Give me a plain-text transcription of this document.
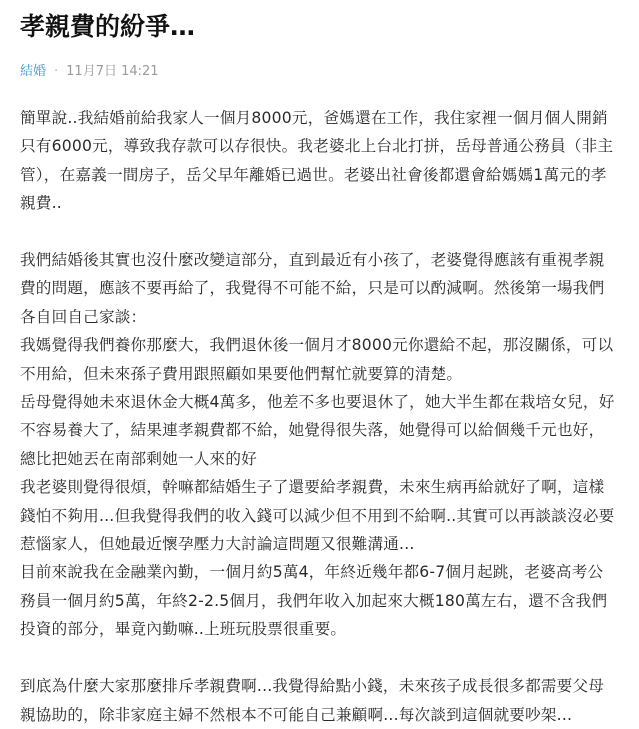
孝親費的紛爭…
結婚 · 11月7日 14:21

簡單說..我結婚前給我家人一個月8000元，爸媽還在工作，我住家裡一個月個人開銷只有6000元，導致我存款可以存很快。我老婆北上台北打拼，岳母普通公務員（非主管），在嘉義一間房子，岳父早年離婚已過世。老婆出社會後都還會給媽媽1萬元的孝親費..

我們結婚後其實也沒什麼改變這部分，直到最近有小孩了，老婆覺得應該有重視孝親費的問題，應該不要再給了，我覺得不可能不給，只是可以酌減啊。然後第一場我們各自回自己家談：

我媽覺得我們養你那麼大，我們退休後一個月才8000元你還給不起，那沒關係，可以不用給，但未來孫子費用跟照顧如果要他們幫忙就要算的清楚。

岳母覺得她未來退休金大概4萬多，他差不多也要退休了，她大半生都在栽培女兒，好不容易養大了，結果連孝親費都不給，她覺得很失落，她覺得可以給個幾千元也好，總比把她丟在南部剩她一人來的好

我老婆則覺得很煩，幹嘛都結婚生子了還要給孝親費，未來生病再給就好了啊，這樣錢怕不夠用...但我覺得我們的收入錢可以減少但不用到不給啊..其實可以再談談沒必要惹惱家人，但她最近懷孕壓力大討論這問題又很難溝通...

目前來說我在金融業內勤，一個月約5萬4，年終近幾年都6-7個月起跳，老婆高考公務員一個月約5萬，年終2-2.5個月，我們年收入加起來大概180萬左右，還不含我們投資的部分，畢竟內勤嘛..上班玩股票很重要。

到底為什麼大家那麼排斥孝親費啊...我覺得給點小錢，未來孩子成長很多都需要父母親協助的，除非家庭主婦不然根本不可能自己兼顧啊...每次談到這個就要吵架...
